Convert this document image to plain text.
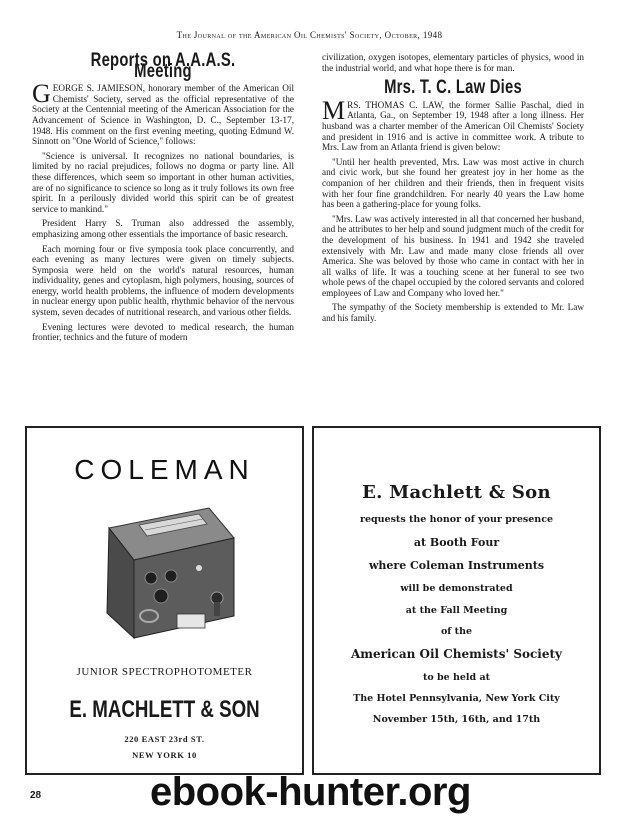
The Journal of the American Oil Chemists' Society, October, 1948
Reports on A.A.A.S. Meeting

GEORGE S. JAMIESON, honorary member of the American Oil Chemists' Society, served as the official representative of the Society at the Centennial meeting of the American Association for the Advancement of Science in Washington, D. C., September 13-17, 1948. His comment on the first evening meeting, quoting Edmund W. Sinnott on "One World of Science," follows:

"Science is universal. It recognizes no national boundaries, is limited by no racial prejudices, follows no dogma or party line. All these differences, which seem so important in other human activities, are of no significance to science so long as it truly follows its own free spirit. In a perilously divided world this spirit can be of greatest service to mankind."

President Harry S. Truman also addressed the assembly, emphasizing among other essentials the importance of basic research.

Each morning four or five symposia took place concurrently, and each evening as many lectures were given on timely subjects. Symposia were held on the world's natural resources, human individuality, genes and cytoplasm, high polymers, housing, sources of energy, world health problems, the influence of modern developments in nuclear energy upon public health, rhythmic behavior of the nervous system, seven decades of nutritional research, and various other fields.

Evening lectures were devoted to medical research, the human frontier, technics and the future of modern

civilization, oxygen isotopes, elementary particles of physics, wood in the industrial world, and what hope there is for man.

Mrs. T. C. Law Dies

MRS. THOMAS C. LAW, the former Sallie Paschal, died in Atlanta, Ga., on September 19, 1948 after a long illness. Her husband was a charter member of the American Oil Chemists' Society and president in 1916 and is active in committee work. A tribute to Mrs. Law from an Atlanta friend is given below:

"Until her health prevented, Mrs. Law was most active in church and civic work, but she found her greatest joy in her home as the companion of her children and their friends, then in frequent visits with her four fine grandchildren. For nearly 40 years the Law home has been a gathering-place for young folks.

"Mrs. Law was actively interested in all that concerned her husband, and he attributes to her help and sound judgment much of the credit for the development of his business. In 1941 and 1942 she traveled extensively with Mr. Law and made many close friends all over America. She was beloved by those who came in contact with her in all walks of life. It was a touching scene at her funeral to see two whole pews of the chapel occupied by the colored servants and colored employees of Law and Company who loved her."

The sympathy of the Society membership is extended to Mr. Law and his family.

COLEMAN
JUNIOR SPECTROPHOTOMETER
E. MACHLETT & SON
220 EAST 23rd ST.
NEW YORK 10
E. Machlett & Son
requests the honor of your presence
at Booth Four
where Coleman Instruments
will be demonstrated
at the Fall Meeting
of the
American Oil Chemists' Society
to be held at
The Hotel Pennsylvania, New York City
November 15th, 16th, and 17th
28	ebook-hunter.org
